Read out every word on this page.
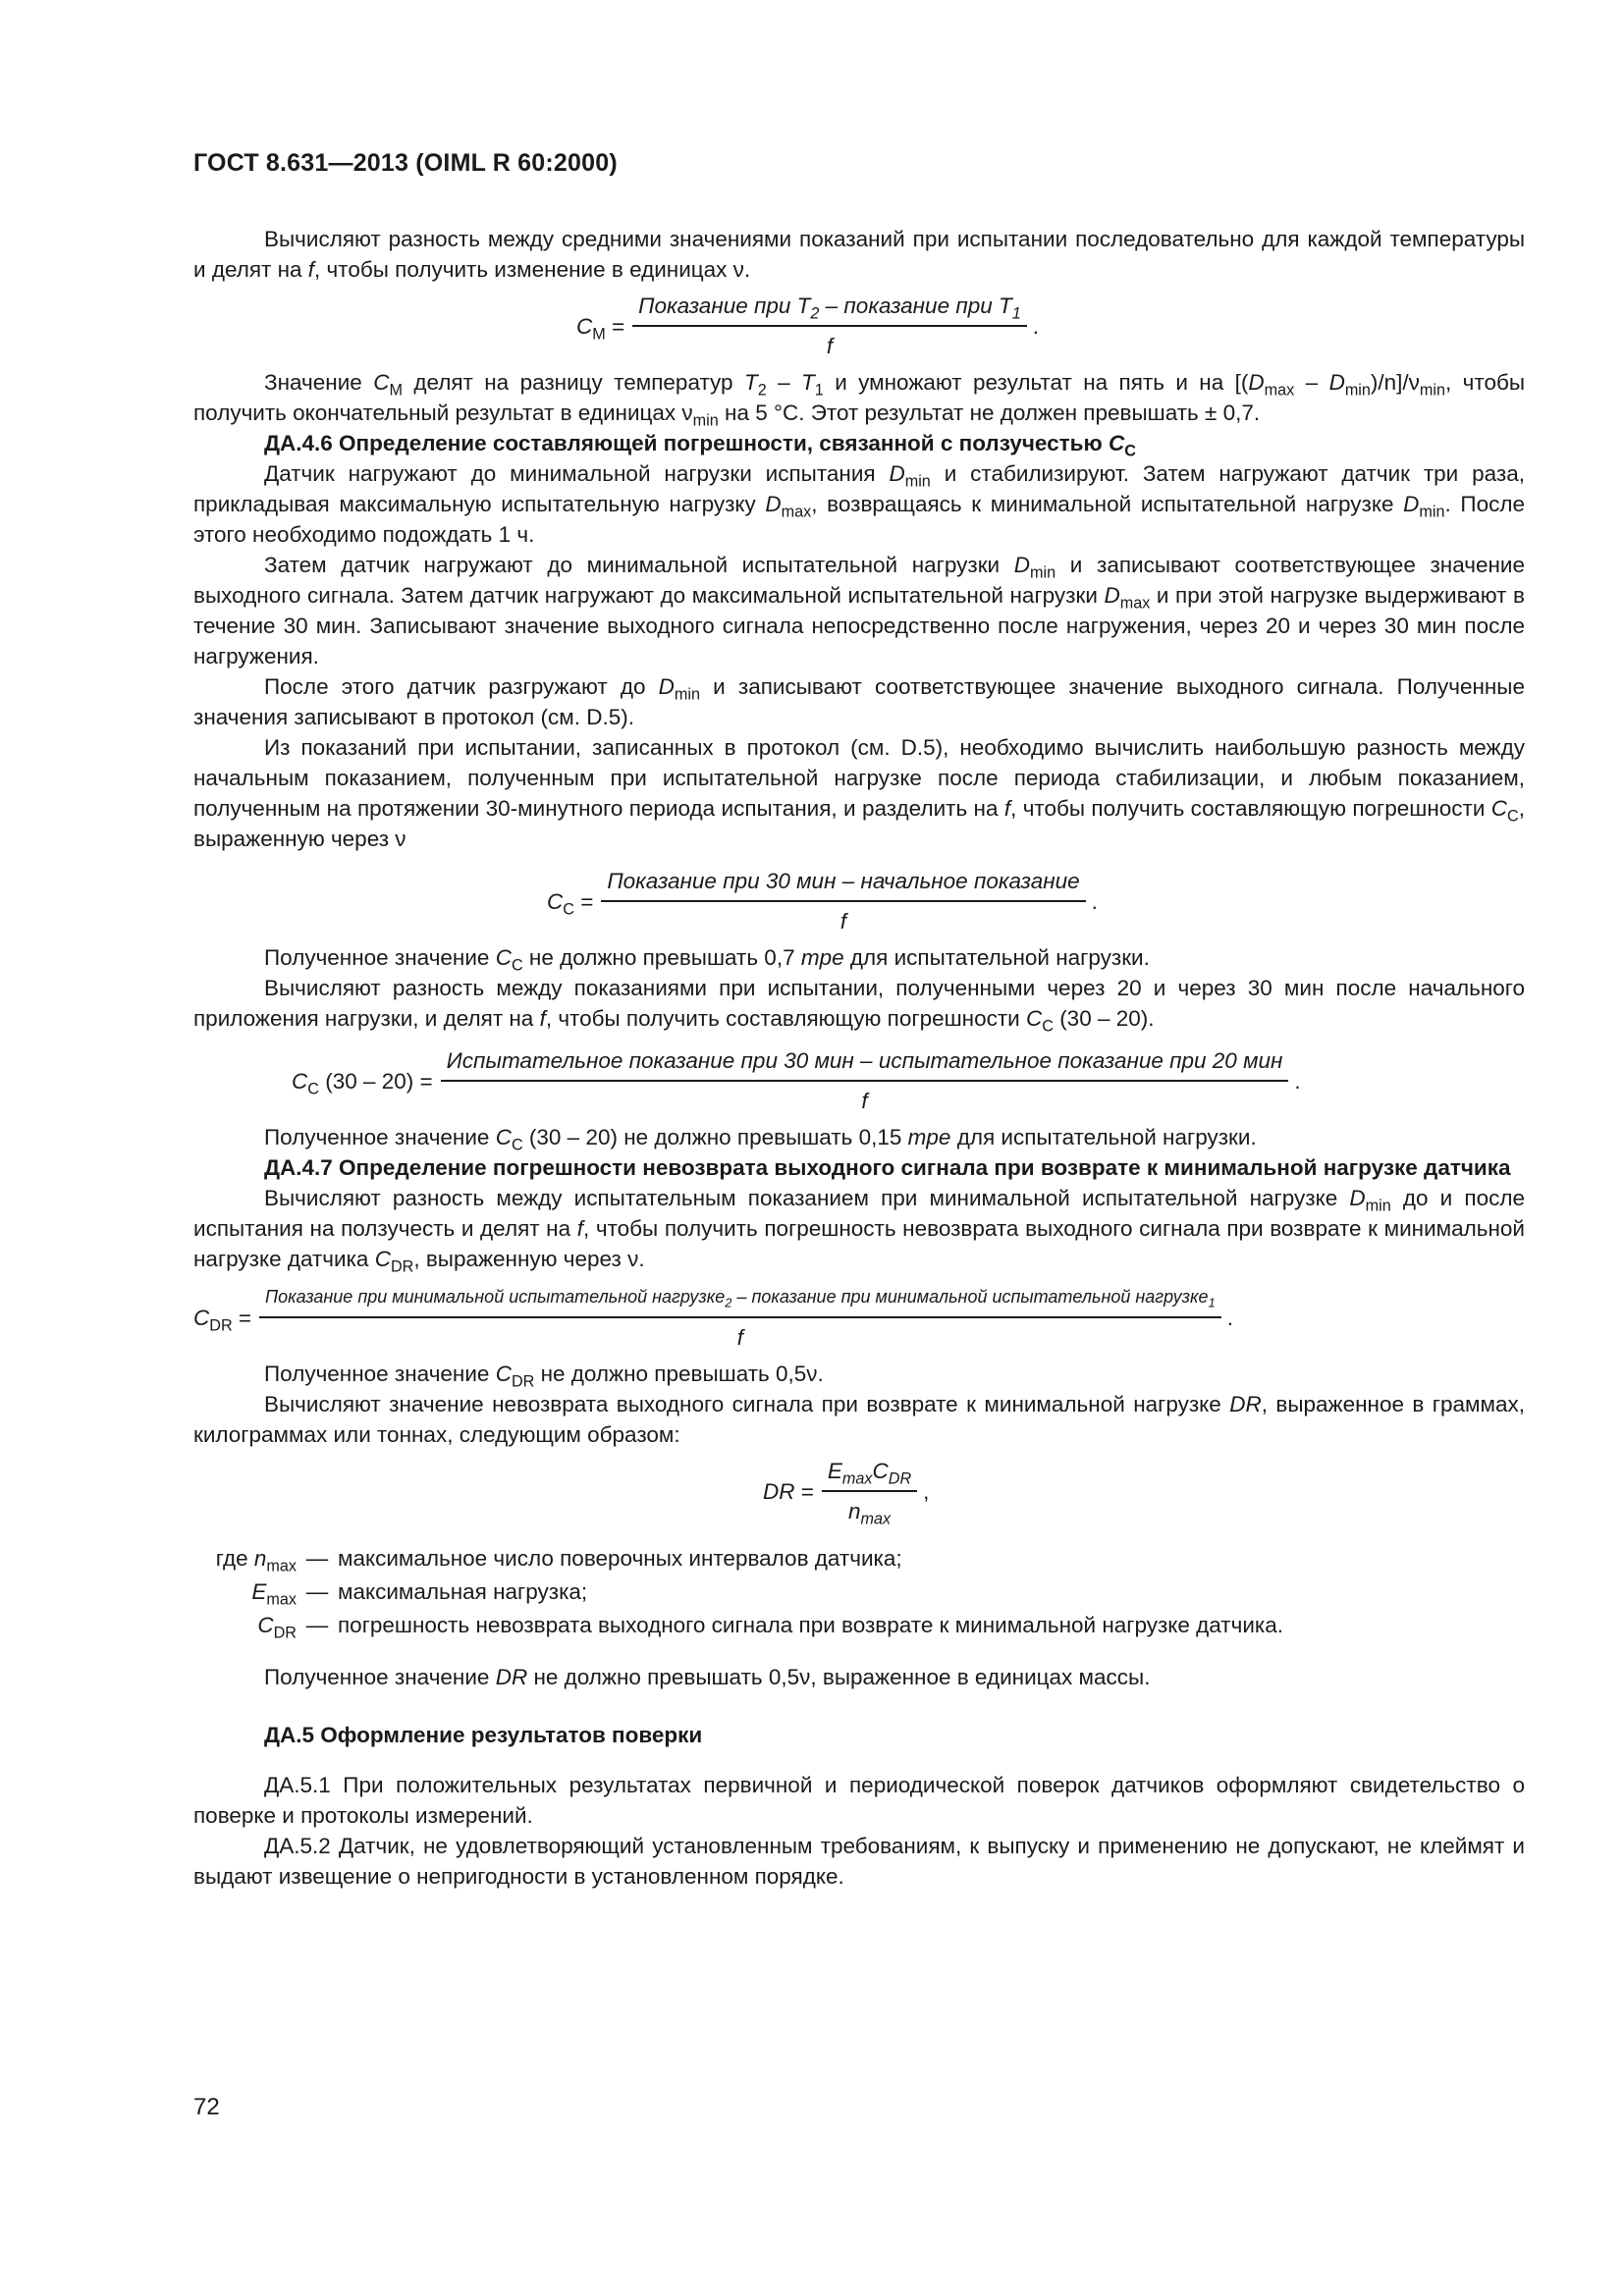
ГОСТ 8.631—2013 (OIML R 60:2000)

Вычисляют разность между средними значениями показаний при испытании последовательно для каждой температуры и делят на f, чтобы получить изменение в единицах ν.

$C_M = \frac{Показание при T_2 - показание при T_1}{f}$ .

Значение $C_M$ делят на разницу температур $T_2 - T_1$ и умножают результат на пять и на $[(D_{max} - D_{min})/n]/\nu_{min}$, чтобы получить окончательный результат в единицах $\nu_{min}$ на 5 °С. Этот результат не должен превышать ± 0,7.

ДА.4.6 Определение составляющей погрешности, связанной с ползучестью $C_C$

Датчик нагружают до минимальной нагрузки испытания $D_{min}$ и стабилизируют. Затем нагружают датчик три раза, прикладывая максимальную испытательную нагрузку $D_{max}$, возвращаясь к минимальной испытательной нагрузке $D_{min}$. После этого необходимо подождать 1 ч.

Затем датчик нагружают до минимальной испытательной нагрузки $D_{min}$ и записывают соответствующее значение выходного сигнала. Затем датчик нагружают до максимальной испытательной нагрузки $D_{max}$ и при этой нагрузке выдерживают в течение 30 мин. Записывают значение выходного сигнала непосредственно после нагружения, через 20 и через 30 мин после нагружения.

После этого датчик разгружают до $D_{min}$ и записывают соответствующее значение выходного сигнала. Полученные значения записывают в протокол (см. D.5).

Из показаний при испытании, записанных в протокол (см. D.5), необходимо вычислить наибольшую разность между начальным показанием, полученным при испытательной нагрузке после периода стабилизации, и любым показанием, полученным на протяжении 30-минутного периода испытания, и разделить на f, чтобы получить составляющую погрешности $C_C$, выраженную через ν

$C_C = \frac{\text{Показание при 30 мин – начальное показание}}{f}$ .

Полученное значение $C_C$ не должно превышать 0,7 mpe для испытательной нагрузки.

Вычисляют разность между показаниями при испытании, полученными через 20 и через 30 мин после начального приложения нагрузки, и делят на f, чтобы получить составляющую погрешности $C_C$ (30 – 20).

$C_C$ (30 – 20) =
Испытательное показание при 30 мин – испытательное показание при 20 мин
f
.

Полученное значение $C_C$ (30 – 20) не должно превышать 0,15 mpe для испытательной нагрузки.

ДА.4.7 Определение погрешности невозврата выходного сигнала при возврате к минимальной нагрузке датчика

Вычисляют разность между испытательным показанием при минимальной испытательной нагрузке $D_{min}$ до и после испытания на ползучесть и делят на f, чтобы получить погрешность невозврата выходного сигнала при возврате к минимальной нагрузке датчика $C_{DR}$, выраженную через ν.

$C_{DR}$ =
Показание при минимальной испытательной нагрузке$_2$ – показание при минимальной испытательной нагрузке$_1$
f
.

Полученное значение $C_{DR}$ не должно превышать 0,5ν.

Вычисляют значение невозврата выходного сигнала при возврате к минимальной нагрузке DR, выраженное в граммах, килограммах или тоннах, следующим образом:

DR = $\frac{E_{max}C_{DR}}{n_{max}}$ ,
где $n_{max}$ — максимальное число поверочных интервалов датчика;
$E_{max}$ — максимальная нагрузка;
$C_{DR}$ — погрешность невозврата выходного сигнала при возврате к минимальной нагрузке датчика.

Полученное значение DR не должно превышать 0,5ν, выраженное в единицах массы.

ДА.5 Оформление результатов поверки

ДА.5.1 При положительных результатах первичной и периодической поверок датчиков оформляют свидетельство о поверке и протоколы измерений.

ДА.5.2 Датчик, не удовлетворяющий установленным требованиям, к выпуску и применению не допускают, не клеймят и выдают извещение о непригодности в установленном порядке.

72
